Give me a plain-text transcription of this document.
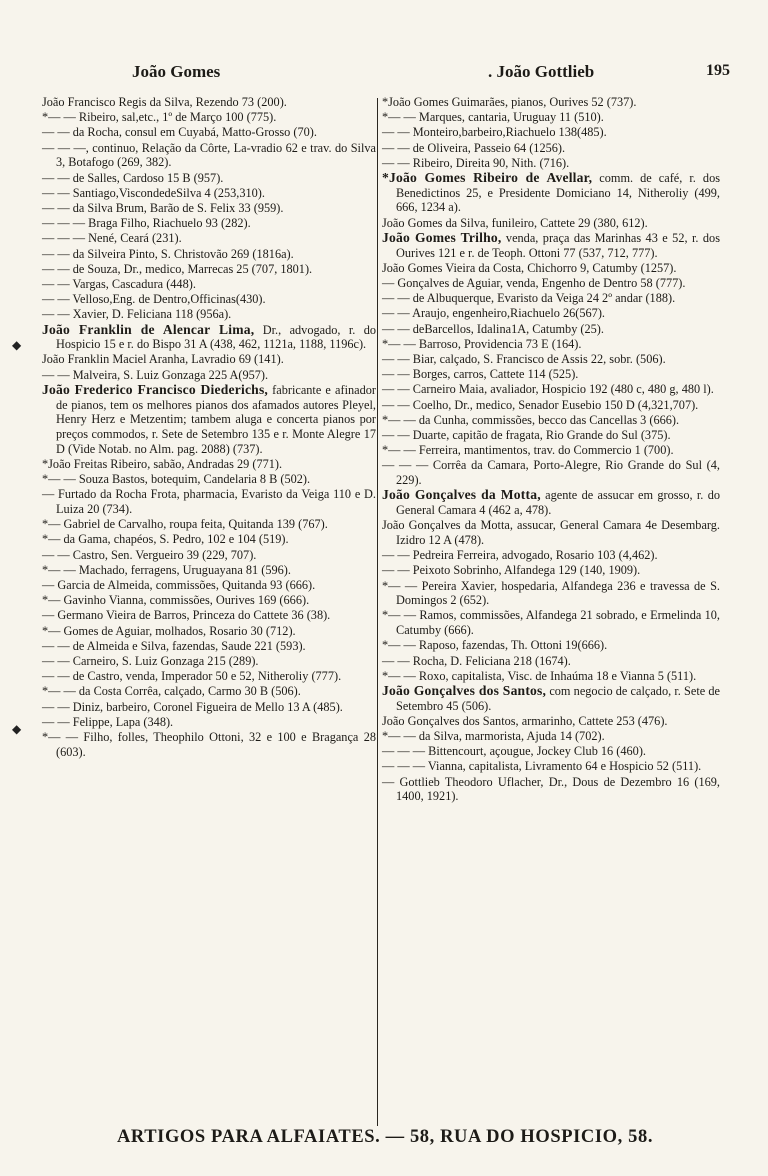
João Gomes	. João Gottlieb	195
João Francisco Regis da Silva, Rezendo 73 (200).
*— — Ribeiro, sal,etc., 1º de Março 100 (775).
— — da Rocha, consul em Cuyabá, Matto-Grosso (70).
— — —, continuo, Relação da Côrte, La-vradio 62 e trav. do Silva 3, Botafogo (269, 382).
— — de Salles, Cardoso 15 B (957).
— — Santiago,ViscondedeSilva 4 (253,310).
— — da Silva Brum, Barão de S. Felix 33 (959).
— — — Braga Filho, Riachuelo 93 (282).
— — — Nené, Ceará (231).
— — da Silveira Pinto, S. Christovão 269 (1816a).
— — de Souza, Dr., medico, Marrecas 25 (707, 1801).
— — Vargas, Cascadura (448).
— — Velloso,Eng. de Dentro,Officinas(430).
— — Xavier, D. Feliciana 118 (956a).
João Franklin de Alencar Lima, Dr., advogado, r. do Hospicio 15 e r. do Bispo 31 A (438, 462, 1121a, 1188, 1196c).
João Franklin Maciel Aranha, Lavradio 69 (141).
— — Malveira, S. Luiz Gonzaga 225 A(957).
João Frederico Francisco Diederichs, fabricante e afinador de pianos, tem os melhores pianos dos afamados autores Pleyel, Henry Herz e Metzentim; tambem aluga e concerta pianos por preços commodos, r. Sete de Setembro 135 e r. Monte Alegre 17 D (Vide Notab. no Alm. pag. 2088) (737).
*João Freitas Ribeiro, sabão, Andradas 29 (771).
*— — Souza Bastos, botequim, Candelaria 8 B (502).
— Furtado da Rocha Frota, pharmacia, Evaristo da Veiga 110 e D. Luiza 20 (734).
*— Gabriel de Carvalho, roupa feita, Quitanda 139 (767).
*— da Gama, chapéos, S. Pedro, 102 e 104 (519).
— — Castro, Sen. Vergueiro 39 (229, 707).
*— — Machado, ferragens, Uruguayana 81 (596).
— Garcia de Almeida, commissões, Quitanda 93 (666).
*— Gavinho Vianna, commissões, Ourives 169 (666).
— Germano Vieira de Barros, Princeza do Cattete 36 (38).
*— Gomes de Aguiar, molhados, Rosario 30 (712).
— — de Almeida e Silva, fazendas, Saude 221 (593).
— — Carneiro, S. Luiz Gonzaga 215 (289).
— — de Castro, venda, Imperador 50 e 52, Nitheroliy (777).
*— — da Costa Corrêa, calçado, Carmo 30 B (506).
— — Diniz, barbeiro, Coronel Figueira de Mello 13 A (485).
— — Felippe, Lapa (348).
*— — Filho, folles, Theophilo Ottoni, 32 e 100 e Bragança 28 (603).
*João Gomes Guimarães, pianos, Ourives 52 (737).
*— — Marques, cantaria, Uruguay 11 (510).
— — Monteiro,barbeiro,Riachuelo 138(485).
— — de Oliveira, Passeio 64 (1256).
— — Ribeiro, Direita 90, Nith. (716).
*João Gomes Ribeiro de Avellar, comm. de café, r. dos Benedictinos 25, e Presidente Domiciano 14, Nitheroliy (499, 666, 1234 a).
João Gomes da Silva, funileiro, Cattete 29 (380, 612).
João Gomes Trilho, venda, praça das Marinhas 43 e 52, r. dos Ourives 121 e r. de Teoph. Ottoni 77 (537, 712, 777).
João Gomes Vieira da Costa, Chichorro 9, Catumby (1257).
— Gonçalves de Aguiar, venda, Engenho de Dentro 58 (777).
— — de Albuquerque, Evaristo da Veiga 24 2º andar (188).
— — Araujo, engenheiro,Riachuelo 26(567).
— — deBarcellos, Idalina1A, Catumby (25).
*— — Barroso, Providencia 73 E (164).
— — Biar, calçado, S. Francisco de Assis 22, sobr. (506).
— — Borges, carros, Cattete 114 (525).
— — Carneiro Maia, avaliador, Hospicio 192 (480 c, 480 g, 480 l).
— — Coelho, Dr., medico, Senador Eusebio 150 D (4,321,707).
*— — da Cunha, commissões, becco das Cancellas 3 (666).
— — Duarte, capitão de fragata, Rio Grande do Sul (375).
*— — Ferreira, mantimentos, trav. do Commercio 1 (700).
— — — Corrêa da Camara, Porto-Alegre, Rio Grande do Sul (4, 229).
João Gonçalves da Motta, agente de assucar em grosso, r. do General Camara 4 (462 a, 478).
João Gonçalves da Motta, assucar, General Camara 4e Desembarg. Izidro 12 A (478).
— — Pedreira Ferreira, advogado, Rosario 103 (4,462).
— — Peixoto Sobrinho, Alfandega 129 (140, 1909).
*— — Pereira Xavier, hospedaria, Alfandega 236 e travessa de S. Domingos 2 (652).
*— — Ramos, commissões, Alfandega 21 sobrado, e Ermelinda 10, Catumby (666).
*— — Raposo, fazendas, Th. Ottoni 19(666).
— — Rocha, D. Feliciana 218 (1674).
*— — Roxo, capitalista, Visc. de Inhaúma 18 e Vianna 5 (511).
João Gonçalves dos Santos, com negocio de calçado, r. Sete de Setembro 45 (506).
João Gonçalves dos Santos, armarinho, Cattete 253 (476).
*— — da Silva, marmorista, Ajuda 14 (702).
— — — Bittencourt, açougue, Jockey Club 16 (460).
— — — Vianna, capitalista, Livramento 64 e Hospicio 52 (511).
— Gottlieb Theodoro Uflacher, Dr., Dous de Dezembro 16 (169, 1400, 1921).
◆
◆
ARTIGOS PARA ALFAIATES. — 58, RUA DO HOSPICIO, 58.
